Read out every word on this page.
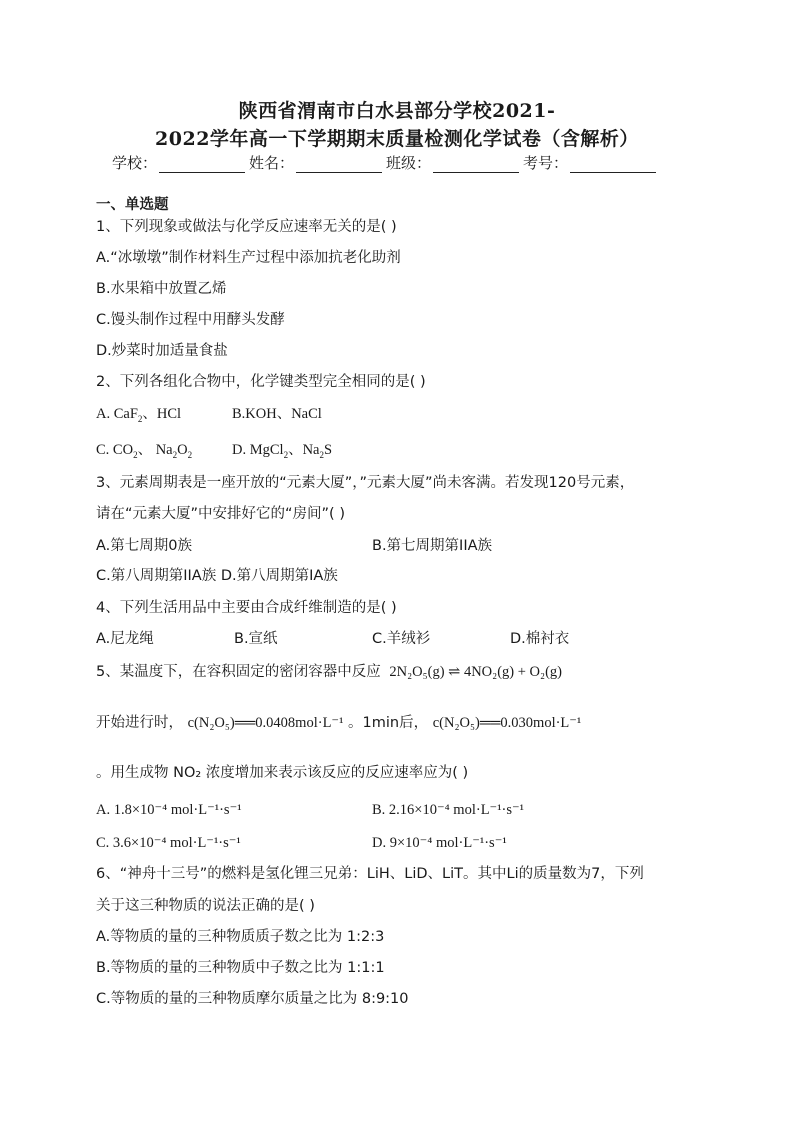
陕西省渭南市白水县部分学校2021-
2022学年高一下学期期末质量检测化学试卷（含解析）
学校：	姓名：	班级：	考号：
一、单选题
1、下列现象或做法与化学反应速率无关的是( )
A.“冰墩墩”制作材料生产过程中添加抗老化助剂
B.水果箱中放置乙烯
C.馒头制作过程中用酵头发酵
D.炒菜时加适量食盐
2、下列各组化合物中，化学键类型完全相同的是( )
A. CaF$_2$、HCl	B.KOH、NaCl
C. $CO_2$、 $Na_2O_2$	D. MgCl$_2$、$Na_2S$
3、元素周期表是一座开放的“元素大厦”，”元素大厦”尚未客满。若发现120号元素，
请在“元素大厦”中安排好它的“房间”( )
A.第七周期0族	B.第七周期第IIA族
C.第八周期第IIA族 D.第八周期第IA族
4、下列生活用品中主要由合成纤维制造的是( )
A.尼龙绳	B.宣纸	C.羊绒衫	D.棉衬衣
5、某温度下，在容积固定的密闭容器中反应 2N₂O₅(g) ⇌ 4NO₂(g) + O₂(g)
开始进行时， c(N₂O₅)══0.0408mol·L⁻¹ 。1min后， c(N₂O₅)══0.030mol·L⁻¹
。用生成物 NO₂ 浓度增加来表示该反应的反应速率应为( )
A. 1.8×10⁻⁴ mol·L⁻¹·s⁻¹	B. 2.16×10⁻⁴ mol·L⁻¹·s⁻¹
C. 3.6×10⁻⁴ mol·L⁻¹·s⁻¹	D. 9×10⁻⁴ mol·L⁻¹·s⁻¹
6、“神舟十三号”的燃料是氢化锂三兄弟：LiH、LiD、LiT。其中Li的质量数为7，下列
关于这三种物质的说法正确的是( )
A.等物质的量的三种物质质子数之比为 1:2:3
B.等物质的量的三种物质中子数之比为 1:1:1
C.等物质的量的三种物质摩尔质量之比为 8:9:10
